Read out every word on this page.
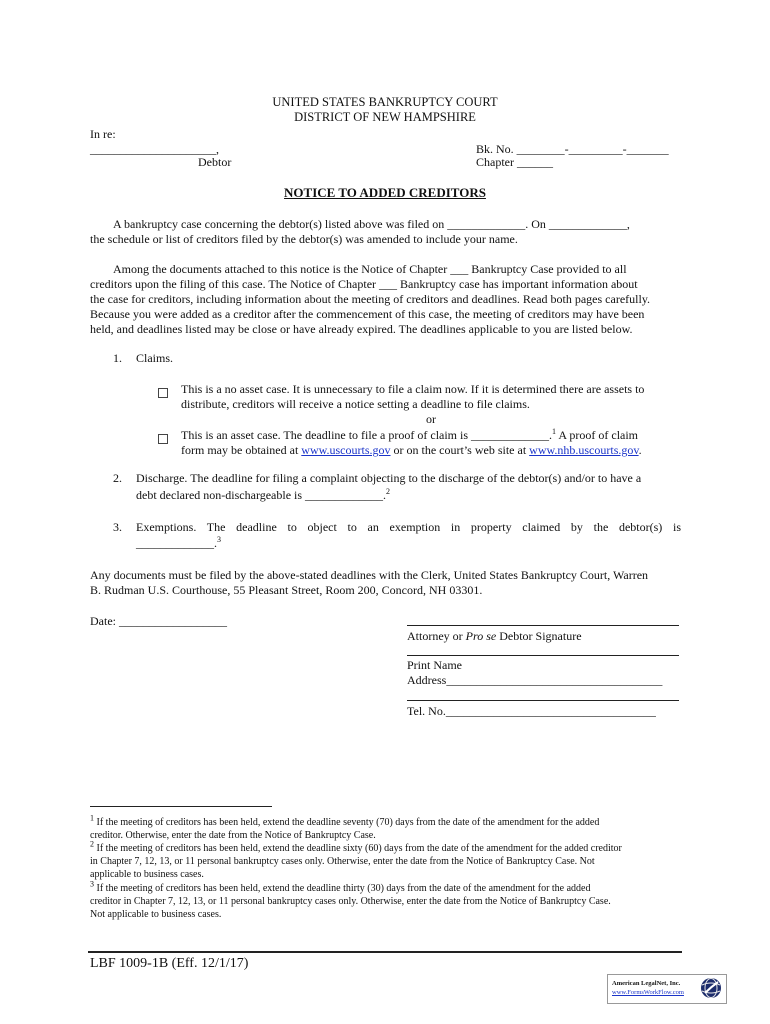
UNITED STATES BANKRUPTCY COURT
DISTRICT OF NEW HAMPSHIRE
In re:
_____________________,
Debtor
Bk. No. ________-_________-_______
Chapter ______
NOTICE TO ADDED CREDITORS
A bankruptcy case concerning the debtor(s) listed above was filed on _____________. On _____________,
the schedule or list of creditors filed by the debtor(s) was amended to include your name.
Among the documents attached to this notice is the Notice of Chapter ___ Bankruptcy Case provided to all
creditors upon the filing of this case. The Notice of Chapter ___ Bankruptcy case has important information about
the case for creditors, including information about the meeting of creditors and deadlines. Read both pages carefully.
Because you were added as a creditor after the commencement of this case, the meeting of creditors may have been
held, and deadlines listed may be close or have already expired. The deadlines applicable to you are listed below.
1. Claims.
This is a no asset case. It is unnecessary to file a claim now. If it is determined there are assets to
distribute, creditors will receive a notice setting a deadline to file claims.
or
This is an asset case. The deadline to file a proof of claim is _____________.$^1$ A proof of claim
form may be obtained at www.uscourts.gov or on the court’s web site at www.nhb.uscourts.gov.
2. Discharge. The deadline for filing a complaint objecting to the discharge of the debtor(s) and/or to have a
debt declared non-dischargeable is _____________.$^2$
3. Exemptions. The deadline to object to an exemption in property claimed by the debtor(s) is
_____________.$^3$
Any documents must be filed by the above-stated deadlines with the Clerk, United States Bankruptcy Court, Warren
B. Rudman U.S. Courthouse, 55 Pleasant Street, Room 200, Concord, NH 03301.
Date: __________________
Attorney or Pro se Debtor Signature
Print Name
Address____________________________________
Tel. No.___________________________________
$^1$ If the meeting of creditors has been held, extend the deadline seventy (70) days from the date of the amendment for the added
creditor. Otherwise, enter the date from the Notice of Bankruptcy Case.
$^2$ If the meeting of creditors has been held, extend the deadline sixty (60) days from the date of the amendment for the added creditor
in Chapter 7, 12, 13, or 11 personal bankruptcy cases only. Otherwise, enter the date from the Notice of Bankruptcy Case. Not
applicable to business cases.
$^3$ If the meeting of creditors has been held, extend the deadline thirty (30) days from the date of the amendment for the added
creditor in Chapter 7, 12, 13, or 11 personal bankruptcy cases only. Otherwise, enter the date from the Notice of Bankruptcy Case.
Not applicable to business cases.
LBF 1009-1B (Eff. 12/1/17)
American LegalNet, Inc.
www.FormsWorkFlow.com
